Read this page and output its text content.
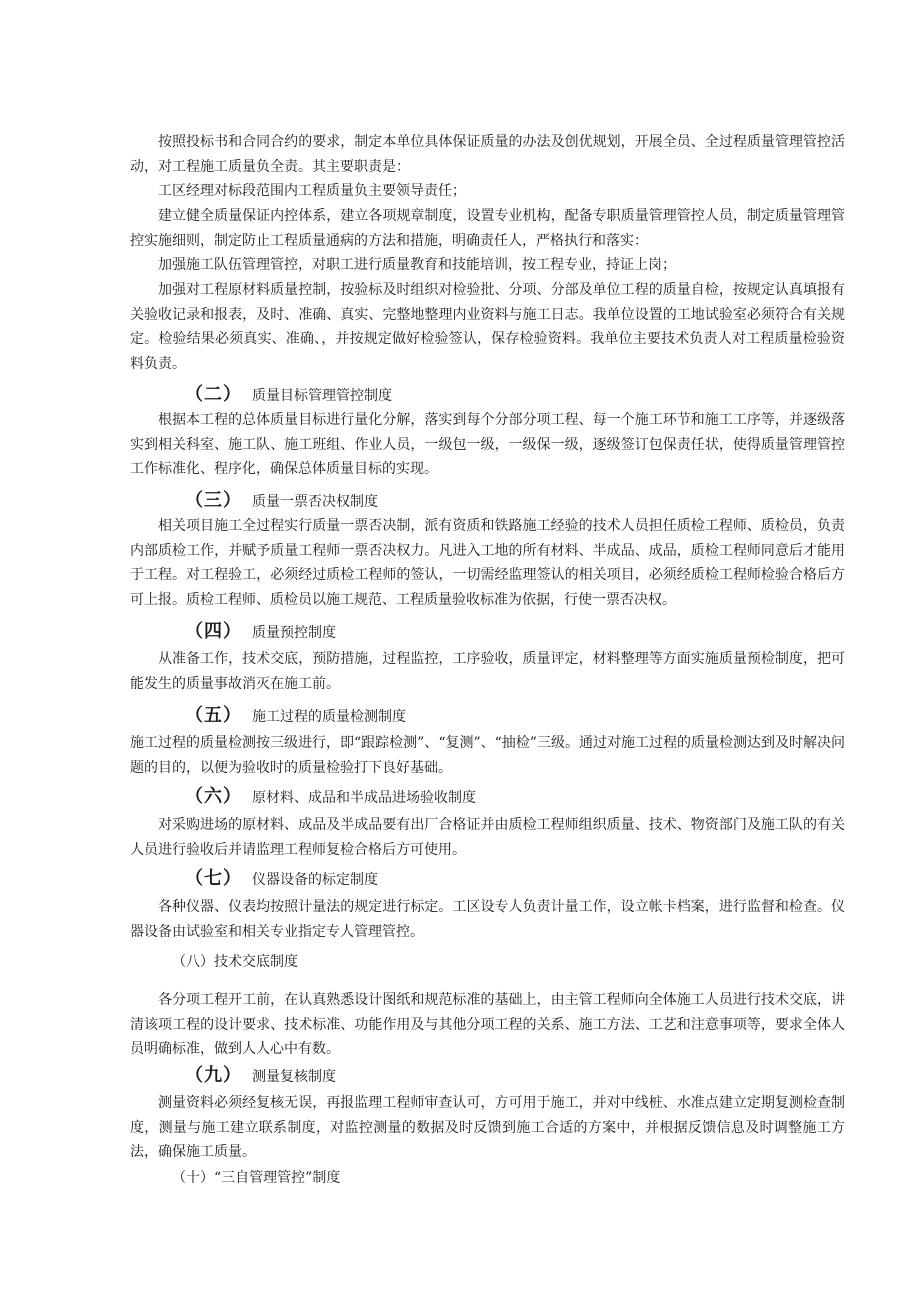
按照投标书和合同合约的要求，制定本单位具体保证质量的办法及创优规划，开展全员、全过程质量管理管控活动，对工程施工质量负全责。其主要职责是：
工区经理对标段范围内工程质量负主要领导责任；
建立健全质量保证内控体系，建立各项规章制度，设置专业机构，配备专职质量管理管控人员，制定质量管理管控实施细则，制定防止工程质量通病的方法和措施，明确责任人，严格执行和落实：
加强施工队伍管理管控，对职工进行质量教育和技能培训，按工程专业，持证上岗；
加强对工程原材料质量控制，按验标及时组织对检验批、分项、分部及单位工程的质量自检，按规定认真填报有关验收记录和报表，及时、准确、真实、完整地整理内业资料与施工日志。我单位设置的工地试验室必须符合有关规定。检验结果必须真实、准确、，并按规定做好检验签认，保存检验资料。我单位主要技术负责人对工程质量检验资料负责。
（二） 质量目标管理管控制度
根据本工程的总体质量目标进行量化分解，落实到每个分部分项工程、每一个施工环节和施工工序等，并逐级落实到相关科室、施工队、施工班组、作业人员，一级包一级，一级保一级，逐级签订包保责任状，使得质量管理管控工作标准化、程序化，确保总体质量目标的实现。
（三） 质量一票否决权制度
相关项目施工全过程实行质量一票否决制，派有资质和铁路施工经验的技术人员担任质检工程师、质检员，负责内部质检工作，并赋予质量工程师一票否决权力。凡进入工地的所有材料、半成品、成品，质检工程师同意后才能用于工程。对工程验工，必须经过质检工程师的签认，一切需经监理签认的相关项目，必须经质检工程师检验合格后方可上报。质检工程师、质检员以施工规范、工程质量验收标准为依据，行使一票否决权。
（四） 质量预控制度
从准备工作，技术交底，预防措施，过程监控，工序验收，质量评定，材料整理等方面实施质量预检制度，把可能发生的质量事故消灭在施工前。
（五） 施工过程的质量检测制度
施工过程的质量检测按三级进行，即“跟踪检测”、“复测”、“抽检”三级。通过对施工过程的质量检测达到及时解决问题的目的，以便为验收时的质量检验打下良好基础。
（六） 原材料、成品和半成品进场验收制度
对采购进场的原材料、成品及半成品要有出厂合格证并由质检工程师组织质量、技术、物资部门及施工队的有关人员进行验收后并请监理工程师复检合格后方可使用。
（七） 仪器设备的标定制度
各种仪器、仪表均按照计量法的规定进行标定。工区设专人负责计量工作，设立帐卡档案，进行监督和检查。仪器设备由试验室和相关专业指定专人管理管控。
（八）技术交底制度
各分项工程开工前，在认真熟悉设计图纸和规范标准的基础上，由主管工程师向全体施工人员进行技术交底，讲清该项工程的设计要求、技术标准、功能作用及与其他分项工程的关系、施工方法、工艺和注意事项等，要求全体人员明确标准，做到人人心中有数。
（九） 测量复核制度
测量资料必须经复核无误，再报监理工程师审查认可，方可用于施工，并对中线桩、水准点建立定期复测检查制度，测量与施工建立联系制度，对监控测量的数据及时反馈到施工合适的方案中，并根据反馈信息及时调整施工方法，确保施工质量。
（十）“三自管理管控”制度
